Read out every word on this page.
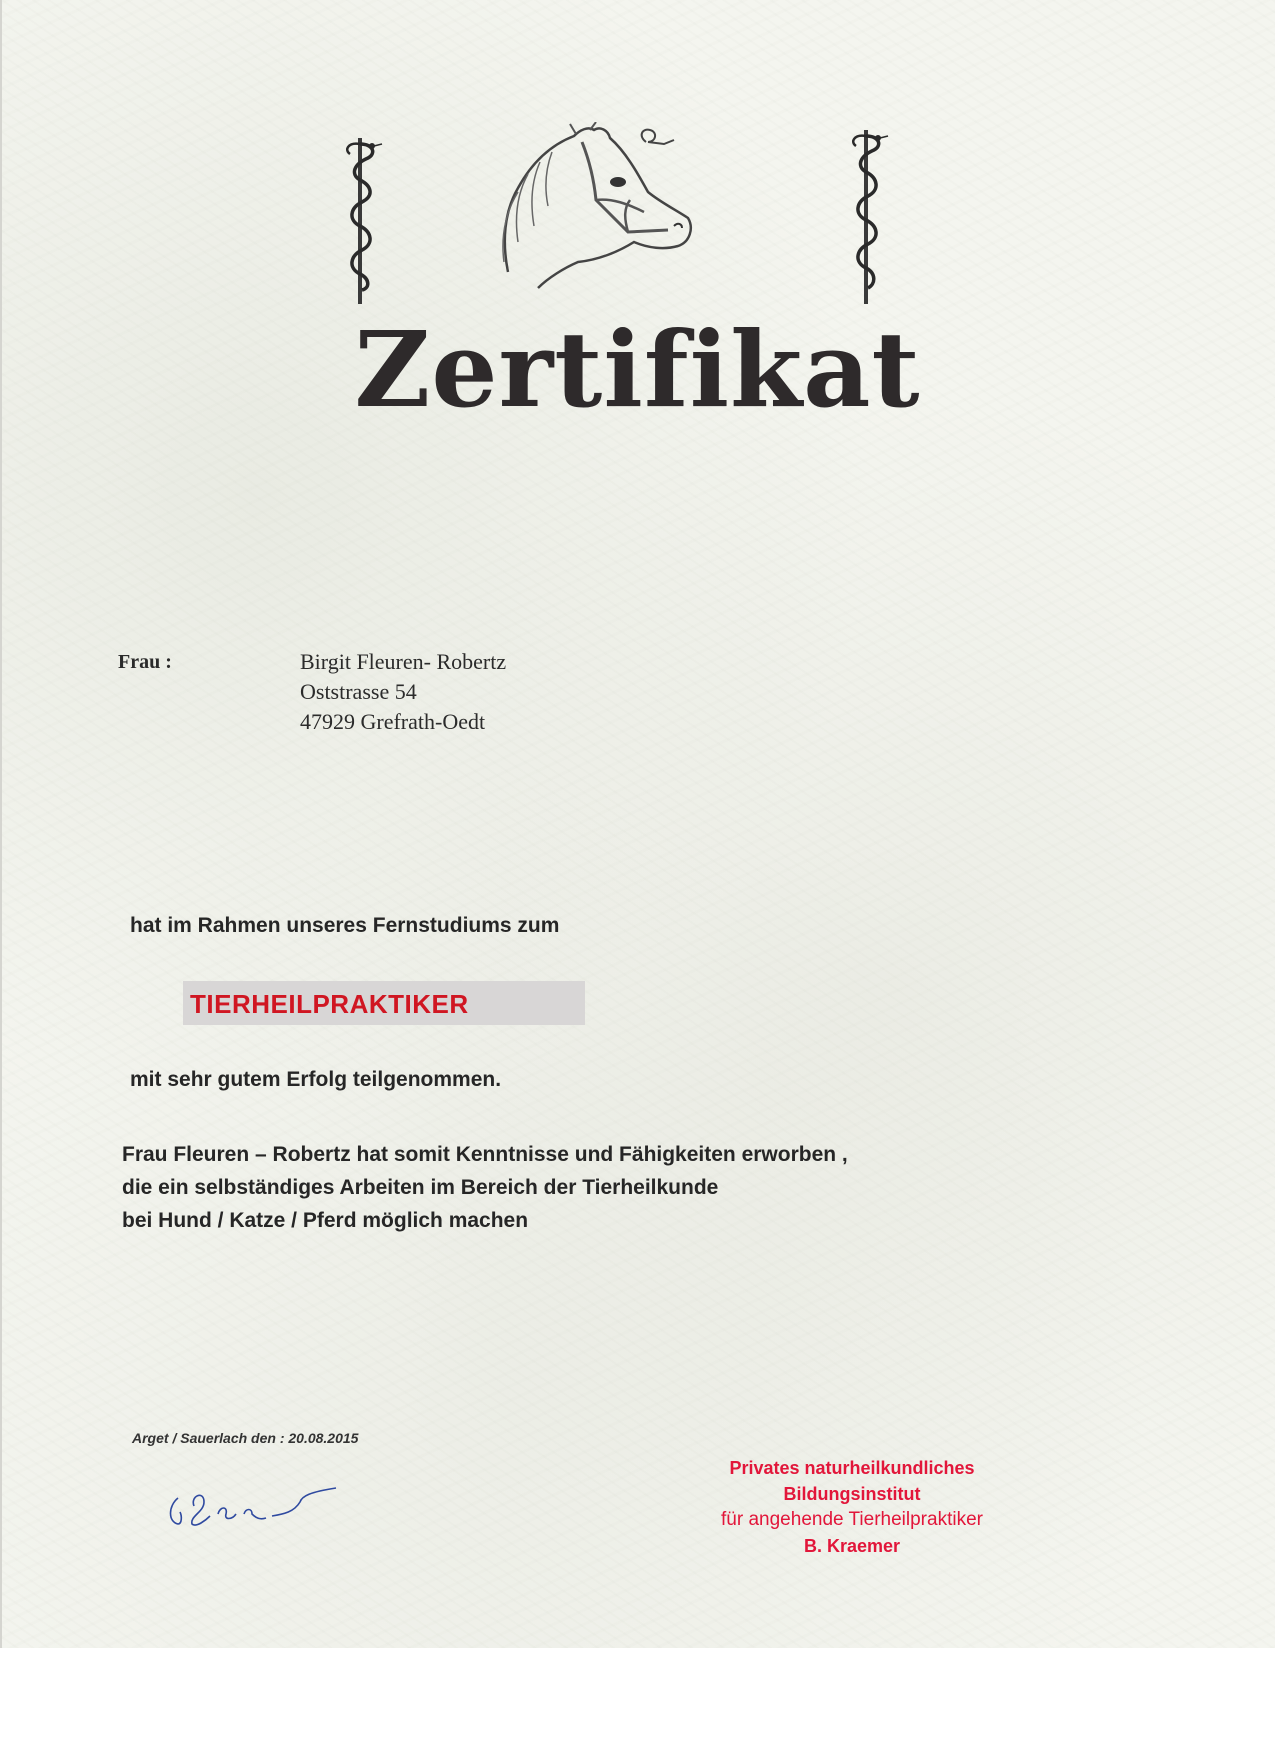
Zertifikat
Frau :	Birgit Fleuren- Robertz
Oststrasse 54
47929 Grefrath-Oedt
hat im Rahmen unseres Fernstudiums zum
TIERHEILPRAKTIKER
mit sehr gutem Erfolg teilgenommen.
Frau Fleuren – Robertz hat somit Kenntnisse und Fähigkeiten erworben ,
die ein selbständiges Arbeiten im Bereich der Tierheilkunde
bei Hund / Katze / Pferd möglich machen
Arget / Sauerlach den : 20.08.2015
Privates naturheilkundliches
Bildungsinstitut
für angehende Tierheilpraktiker
B. Kraemer
